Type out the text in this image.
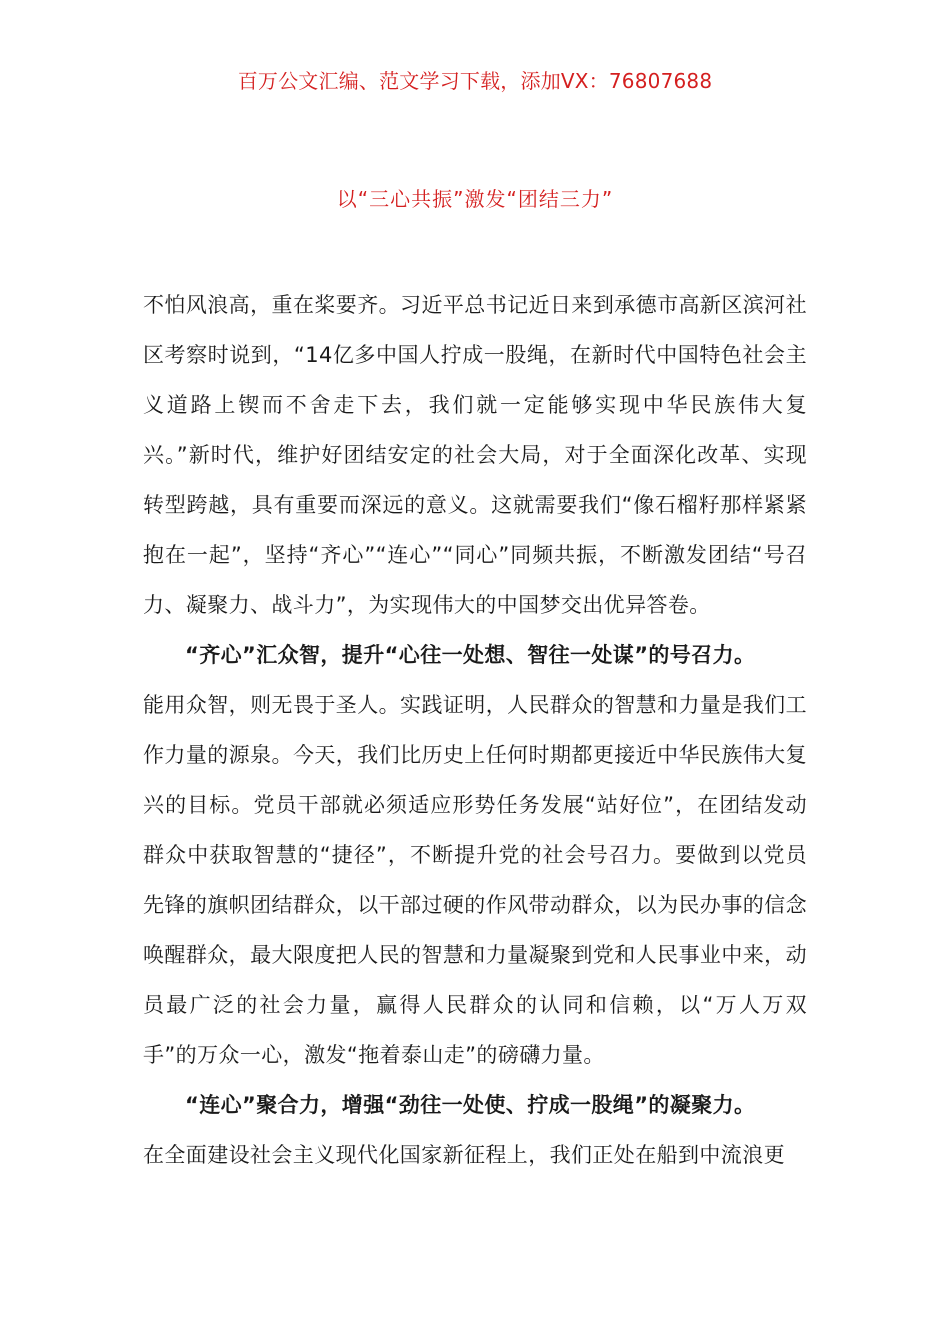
百万公文汇编、范文学习下载，添加VX：76807688
以“三心共振”激发“团结三力”

不怕风浪高，重在桨要齐。习近平总书记近日来到承德市高新区滨河社区考察时说到，“14亿多中国人拧成一股绳，在新时代中国特色社会主义道路上锲而不舍走下去，我们就一定能够实现中华民族伟大复兴。”新时代，维护好团结安定的社会大局，对于全面深化改革、实现转型跨越，具有重要而深远的意义。这就需要我们“像石榴籽那样紧紧抱在一起”，坚持“齐心”“连心”“同心”同频共振，不断激发团结“号召力、凝聚力、战斗力”，为实现伟大的中国梦交出优异答卷。

“齐心”汇众智，提升“心往一处想、智往一处谋”的号召力。

能用众智，则无畏于圣人。实践证明，人民群众的智慧和力量是我们工作力量的源泉。今天，我们比历史上任何时期都更接近中华民族伟大复兴的目标。党员干部就必须适应形势任务发展“站好位”，在团结发动群众中获取智慧的“捷径”，不断提升党的社会号召力。要做到以党员先锋的旗帜团结群众，以干部过硬的作风带动群众，以为民办事的信念唤醒群众，最大限度把人民的智慧和力量凝聚到党和人民事业中来，动员最广泛的社会力量，赢得人民群众的认同和信赖，以“万人万双手”的万众一心，激发“拖着泰山走”的磅礴力量。

“连心”聚合力，增强“劲往一处使、拧成一股绳”的凝聚力。

在全面建设社会主义现代化国家新征程上，我们正处在船到中流浪更
